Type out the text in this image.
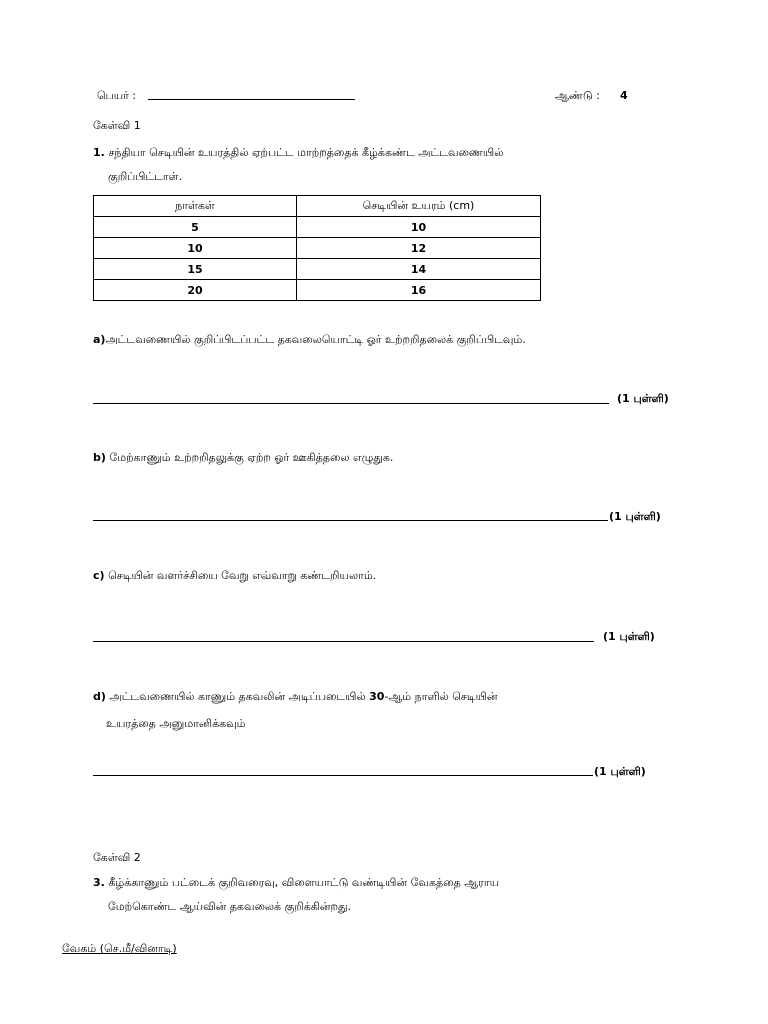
பெயர் :	ஆண்டு : 4
கேள்வி 1
1. சந்தியா செடியின் உயரத்தில் ஏற்பட்ட மாற்றத்தைக் கீழ்க்கண்ட அட்டவணையில்
குறிப்பிட்டாள்.
நாள்கள்	செடியின் உயரம் (cm)
5	10
10	12
15	14
20	16
a)அட்டவணையில் குறிப்பிடப்பட்ட தகவலையொட்டி ஓர் உற்றறிதலைக் குறிப்பிடவும்.
(1 புள்ளி)
b) மேற்காணும் உற்றறிதலுக்கு ஏற்ற ஓர் ஊகித்தலை எழுதுக.
(1 புள்ளி)
c) செடியின் வளர்ச்சியை வேறு எவ்வாறு கண்டறியலாம்.
(1 புள்ளி)
d) அட்டவணையில் காணும் தகவலின் அடிப்படையில் 30-ஆம் நாளில் செடியின்
உயரத்தை அனுமானிக்கவும்
(1 புள்ளி)
கேள்வி 2
3. கீழ்க்காணும் பட்டைக் குறிவரைவு, விளையாட்டு வண்டியின் வேகத்தை ஆராய
மேற்கொண்ட ஆய்வின் தகவலைக் குறிக்கின்றது.
வேகம் (செ.மீ/வினாடி)
